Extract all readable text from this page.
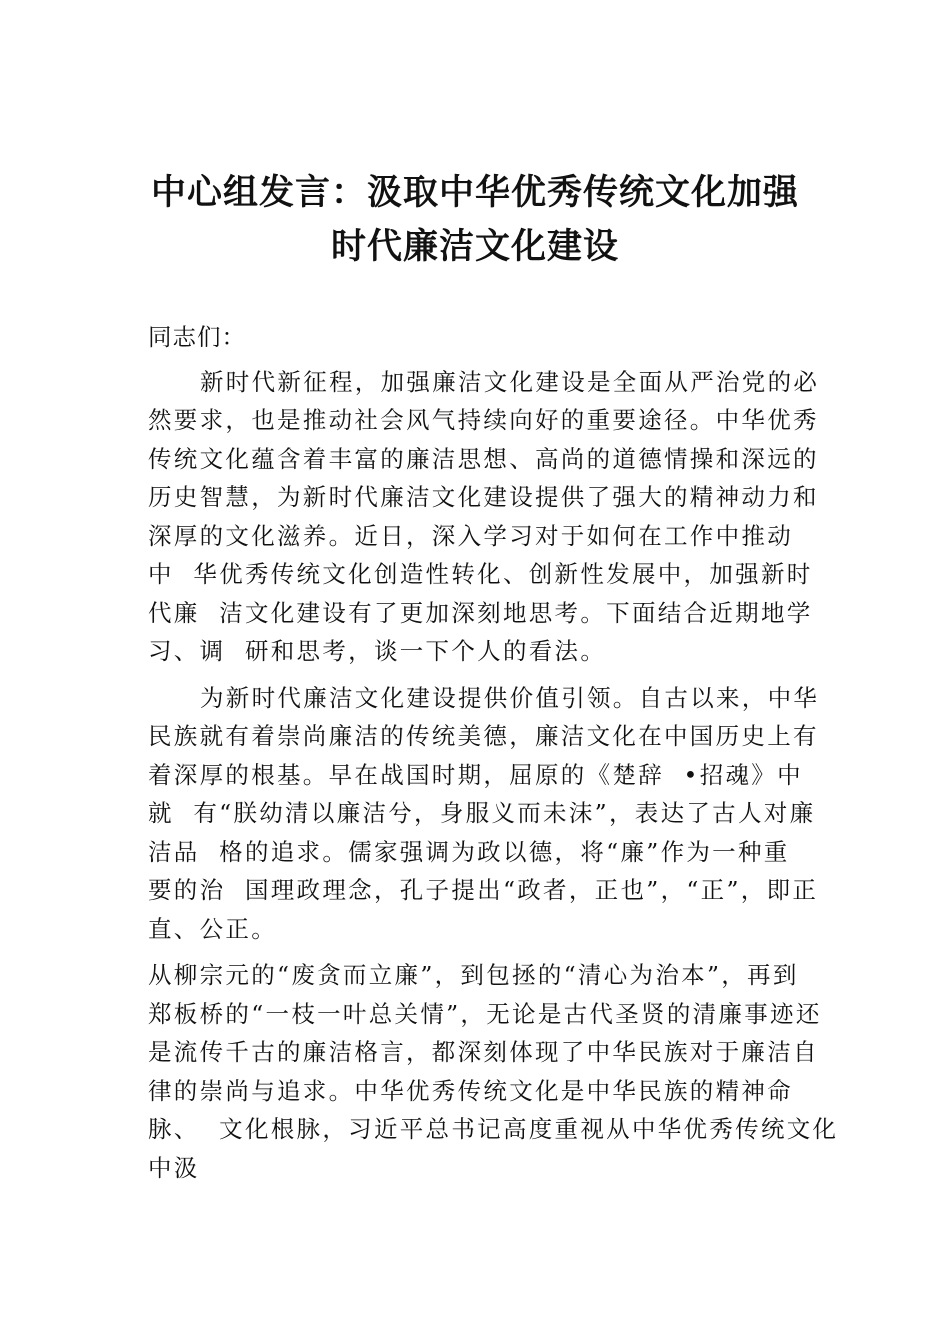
中心组发言：汲取中华优秀传统文化加强
时代廉洁文化建设
同志们：
新时代新征程，加强廉洁文化建设是全面从严治党的必
然要求，也是推动社会风气持续向好的重要途径。中华优秀
传统文化蕴含着丰富的廉洁思想、高尚的道德情操和深远的
历史智慧，为新时代廉洁文化建设提供了强大的精神动力和
深厚的文化滋养。近日，深入学习对于如何在工作中推动
中  华优秀传统文化创造性转化、创新性发展中，加强新时
代廉  洁文化建设有了更加深刻地思考。下面结合近期地学
习、调  研和思考，谈一下个人的看法。
为新时代廉洁文化建设提供价值引领。自古以来，中华
民族就有着崇尚廉洁的传统美德，廉洁文化在中国历史上有
着深厚的根基。早在战国时期，屈原的《楚辞  •招魂》中
就  有“朕幼清以廉洁兮，身服义而未沫”，表达了古人对廉
洁品  格的追求。儒家强调为政以德，将“廉”作为一种重
要的治  国理政理念，孔子提出“政者，正也”，“正”，即正
直、公正。
从柳宗元的“废贪而立廉”，到包拯的“清心为治本”，再到
郑板桥的“一枝一叶总关情”，无论是古代圣贤的清廉事迹还
是流传千古的廉洁格言，都深刻体现了中华民族对于廉洁自
律的崇尚与追求。中华优秀传统文化是中华民族的精神命
脉、  文化根脉，习近平总书记高度重视从中华优秀传统文化
中汲
